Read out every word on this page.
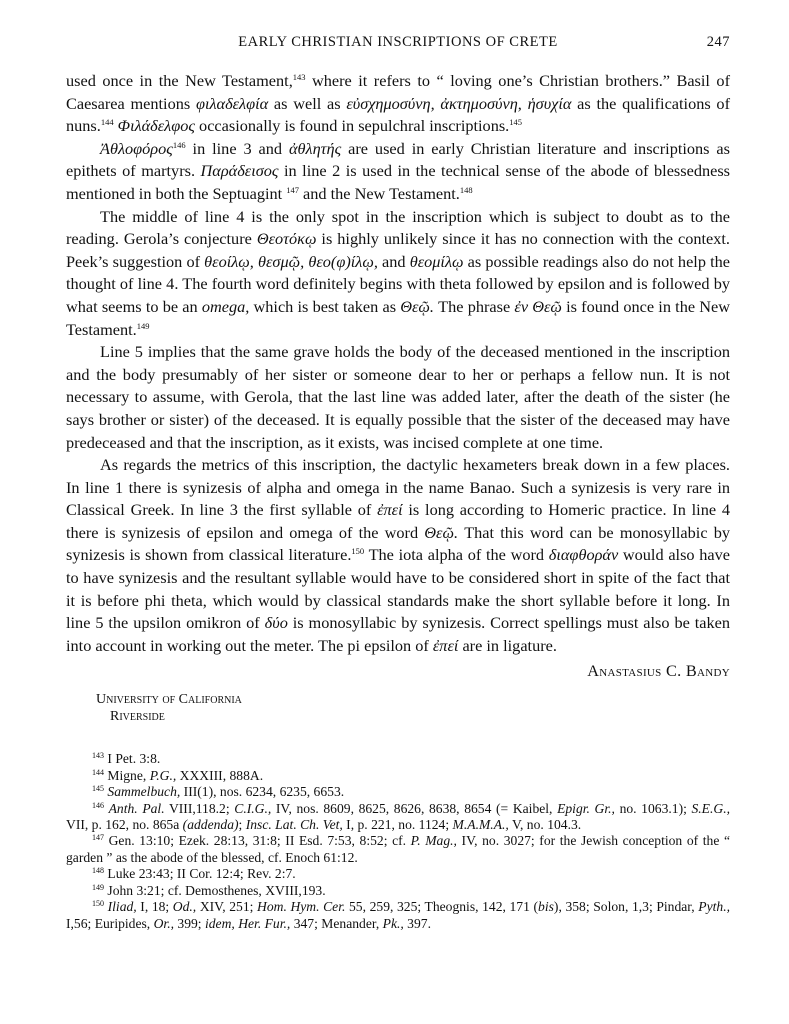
EARLY CHRISTIAN INSCRIPTIONS OF CRETE	247

used once in the New Testament,$^{143}$ where it refers to “ loving one’s Christian brothers.” Basil of Caesarea mentions φιλαδελφία as well as εὐσχημοσύνη, ἀκτημοσύνη, ἡσυχία as the qualifications of nuns.$^{144}$ Φιλάδελφος occasionally is found in sepulchral inscriptions.$^{145}$

Ἀθλοφόρος$^{146}$ in line 3 and ἀθλητής are used in early Christian literature and inscriptions as epithets of martyrs. Παράδεισος in line 2 is used in the technical sense of the abode of blessedness mentioned in both the Septuagint $^{147}$ and the New Testament.$^{148}$

The middle of line 4 is the only spot in the inscription which is subject to doubt as to the reading. Gerola’s conjecture Θεοτόκῳ is highly unlikely since it has no connection with the context. Peek’s suggestion of θεοίλῳ, θεσμῷ, θεο(φ)ίλῳ, and θεομίλῳ as possible readings also do not help the thought of line 4. The fourth word definitely begins with theta followed by epsilon and is followed by what seems to be an omega, which is best taken as Θεῷ. The phrase ἐν Θεῷ is found once in the New Testament.$^{149}$

Line 5 implies that the same grave holds the body of the deceased mentioned in the inscription and the body presumably of her sister or someone dear to her or perhaps a fellow nun. It is not necessary to assume, with Gerola, that the last line was added later, after the death of the sister (he says brother or sister) of the deceased. It is equally possible that the sister of the deceased may have predeceased and that the inscription, as it exists, was incised complete at one time.

As regards the metrics of this inscription, the dactylic hexameters break down in a few places. In line 1 there is synizesis of alpha and omega in the name Banao. Such a synizesis is very rare in Classical Greek. In line 3 the first syllable of ἐπεί is long according to Homeric practice. In line 4 there is synizesis of epsilon and omega of the word Θεῷ. That this word can be monosyllabic by synizesis is shown from classical literature.$^{150}$ The iota alpha of the word διαφθοράν would also have to have synizesis and the resultant syllable would have to be considered short in spite of the fact that it is before phi theta, which would by classical standards make the short syllable before it long. In line 5 the upsilon omikron of δύο is monosyllabic by synizesis. Correct spellings must also be taken into account in working out the meter. The pi epsilon of ἐπεί are in ligature.

Anastasius C. Bandy
University of California
Riverside

$^{143}$ I Pet. 3:8.

$^{144}$ Migne, P.G., XXXIII, 888A.

$^{145}$ Sammelbuch, III(1), nos. 6234, 6235, 6653.

$^{146}$ Anth. Pal. VIII,118.2; C.I.G., IV, nos. 8609, 8625, 8626, 8638, 8654 (= Kaibel, Epigr. Gr., no. 1063.1); S.E.G., VII, p. 162, no. 865a (addenda); Insc. Lat. Ch. Vet, I, p. 221, no. 1124; M.A.M.A., V, no. 104.3.

$^{147}$ Gen. 13:10; Ezek. 28:13, 31:8; II Esd. 7:53, 8:52; cf. P. Mag., IV, no. 3027; for the Jewish conception of the “ garden ” as the abode of the blessed, cf. Enoch 61:12.

$^{148}$ Luke 23:43; II Cor. 12:4; Rev. 2:7.

$^{149}$ John 3:21; cf. Demosthenes, XVIII,193.

$^{150}$ Iliad, I, 18; Od., XIV, 251; Hom. Hym. Cer. 55, 259, 325; Theognis, 142, 171 (bis), 358; Solon, 1,3; Pindar, Pyth., I,56; Euripides, Or., 399; idem, Her. Fur., 347; Menander, Pk., 397.
